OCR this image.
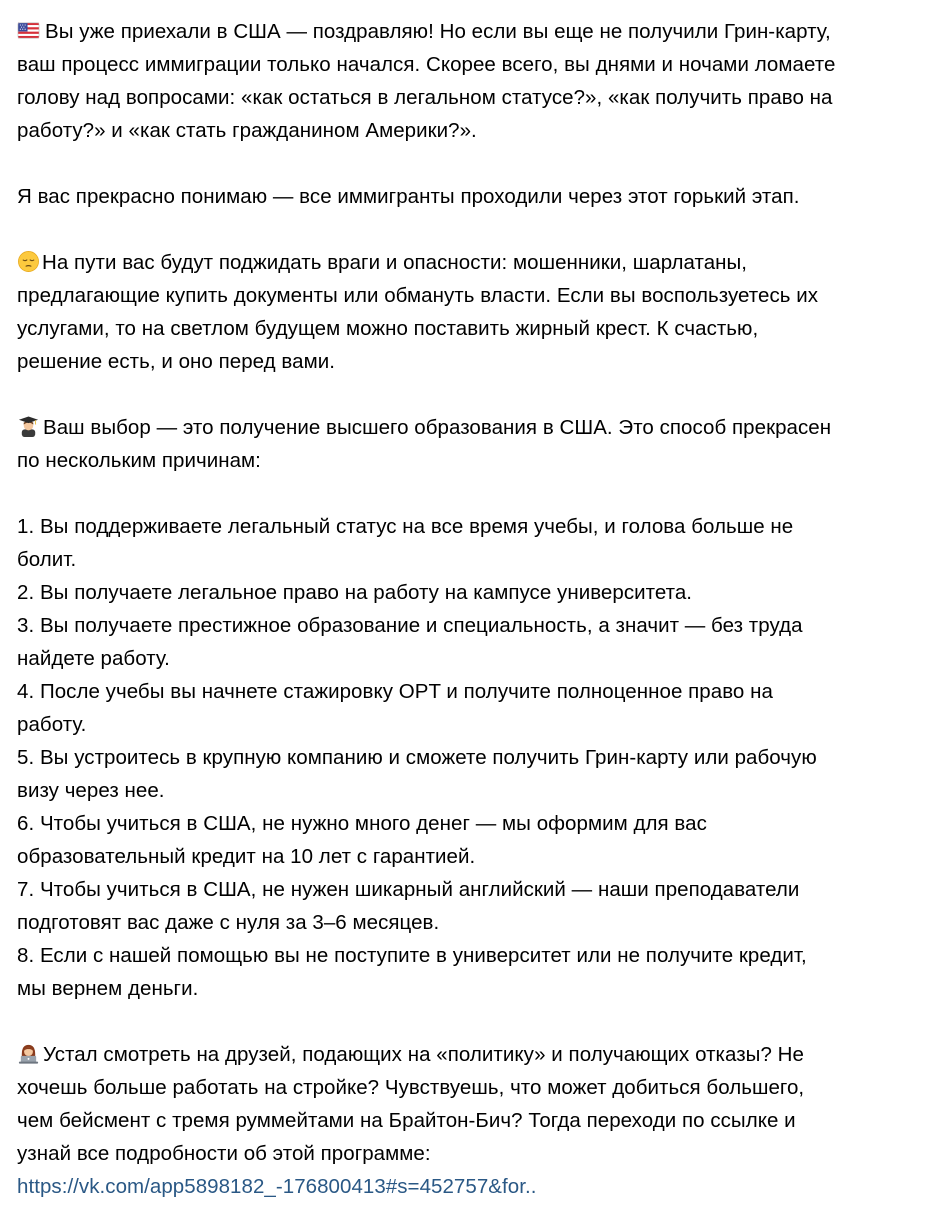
Вы уже приехали в США — поздравляю! Но если вы еще не получили Грин-карту,
ваш процесс иммиграции только начался. Скорее всего, вы днями и ночами ломаете
голову над вопросами: «как остаться в легальном статусе?», «как получить право на
работу?» и «как стать гражданином Америки?».

Я вас прекрасно понимаю — все иммигранты проходили через этот горький этап.

На пути вас будут поджидать враги и опасности: мошенники, шарлатаны,
предлагающие купить документы или обмануть власти. Если вы воспользуетесь их
услугами, то на светлом будущем можно поставить жирный крест. К счастью,
решение есть, и оно перед вами.

Ваш выбор — это получение высшего образования в США. Это способ прекрасен
по нескольким причинам:

1. Вы поддерживаете легальный статус на все время учебы, и голова больше не
болит.
2. Вы получаете легальное право на работу на кампусе университета.
3. Вы получаете престижное образование и специальность, а значит — без труда
найдете работу.
4. После учебы вы начнете стажировку OPT и получите полноценное право на
работу.
5. Вы устроитесь в крупную компанию и сможете получить Грин-карту или рабочую
визу через нее.
6. Чтобы учиться в США, не нужно много денег — мы оформим для вас
образовательный кредит на 10 лет с гарантией.
7. Чтобы учиться в США, не нужен шикарный английский — наши преподаватели
подготовят вас даже с нуля за 3–6 месяцев.
8. Если с нашей помощью вы не поступите в университет или не получите кредит,
мы вернем деньги.

Устал смотреть на друзей, подающих на «политику» и получающих отказы? Не
хочешь больше работать на стройке? Чувствуешь, что может добиться большего,
чем бейсмент с тремя руммейтами на Брайтон-Бич? Тогда переходи по ссылке и
узнай все подробности об этой программе:
https://vk.com/app5898182_-176800413#s=452757&for..
